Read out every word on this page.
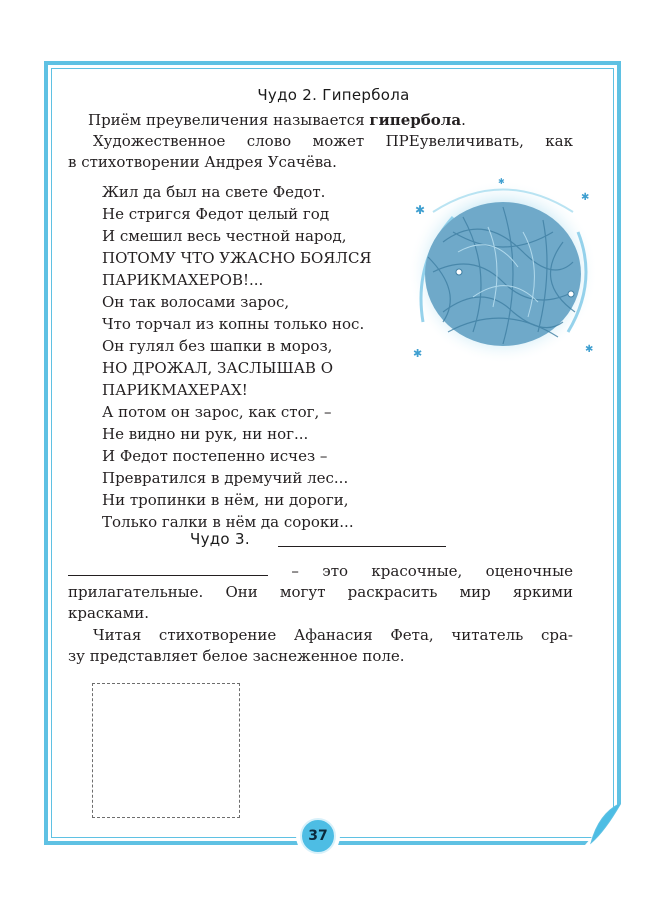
Чудо 2. Гипербола
Приём преувеличения называется гипербола.
Художественное слово может ПРЕувеличивать, как
в стихотворении Андрея Усачёва.
Жил да был на свете Федот.
Не стригся Федот целый год
И смешил весь честной народ,
ПОТОМУ ЧТО УЖАСНО БОЯЛСЯ
ПАРИКМАХЕРОВ!...
Он так волосами зарос,
Что торчал из копны только нос.
Он гулял без шапки в мороз,
НО ДРОЖАЛ, ЗАСЛЫШАВ О
ПАРИКМАХЕРАХ!
А потом он зарос, как стог, –
Не видно ни рук, ни ног...
И Федот постепенно исчез –
Превратился в дремучий лес...
Ни тропинки в нём, ни дороги,
Только галки в нём да сороки...
✱
✱
✱	✱
✱
Чудо 3.
– это красочные, оценочные
прилагательные. Они могут раскрасить мир яркими
красками.
Читая стихотворение Афанасия Фета, читатель сра-
зу представляет белое заснеженное поле.
37
